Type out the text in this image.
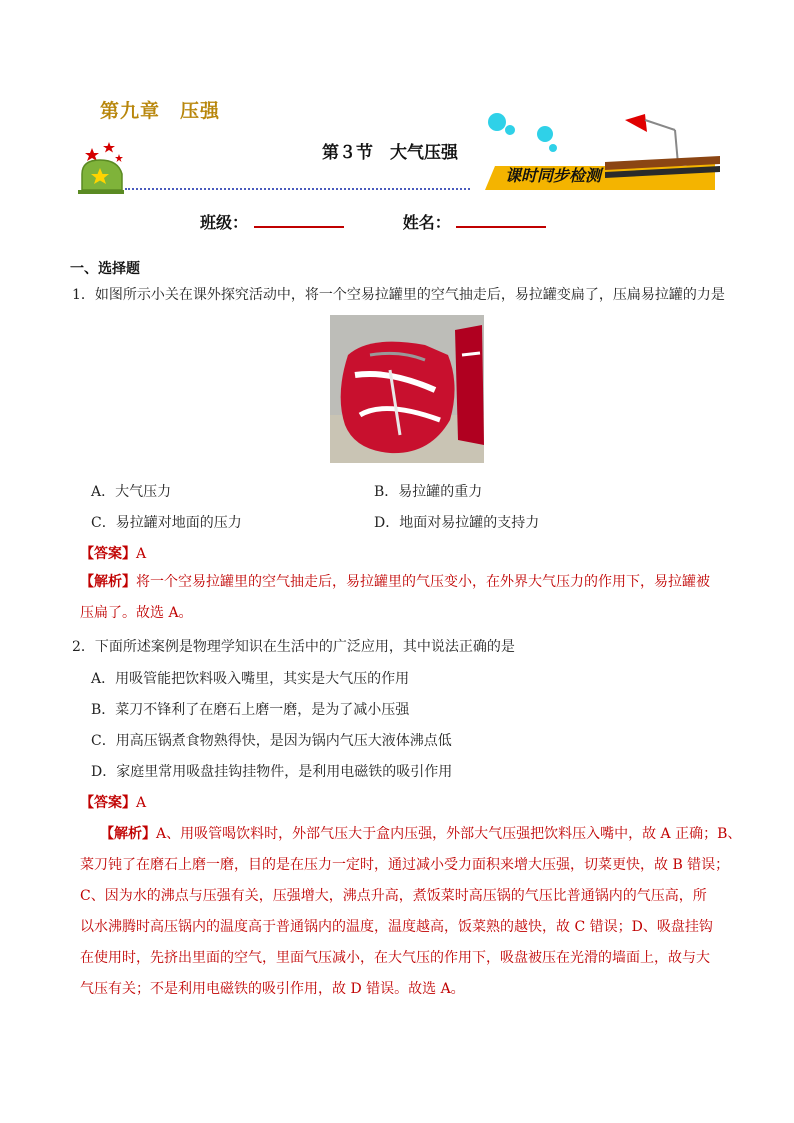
第九章　压强
第３节　大气压强
课时同步检测
班级：	姓名：
一、选择题
1．如图所示小关在课外探究活动中，将一个空易拉罐里的空气抽走后，易拉罐变扁了，压扁易拉罐的力是
A．大气压力	B．易拉罐的重力
C．易拉罐对地面的压力	D．地面对易拉罐的支持力
【答案】A
【解析】将一个空易拉罐里的空气抽走后，易拉罐里的气压变小，在外界大气压力的作用下，易拉罐被
压扁了。故选 A。
2．下面所述案例是物理学知识在生活中的广泛应用，其中说法正确的是
A．用吸管能把饮料吸入嘴里，其实是大气压的作用
B．菜刀不锋利了在磨石上磨一磨，是为了减小压强
C．用高压锅煮食物熟得快，是因为锅内气压大液体沸点低
D．家庭里常用吸盘挂钩挂物件，是利用电磁铁的吸引作用
【答案】A
【解析】A、用吸管喝饮料时，外部气压大于盒内压强，外部大气压强把饮料压入嘴中，故 A 正确；B、
菜刀钝了在磨石上磨一磨，目的是在压力一定时，通过减小受力面积来增大压强，切菜更快，故 B 错误；
C、因为水的沸点与压强有关，压强增大，沸点升高，煮饭菜时高压锅的气压比普通锅内的气压高，所
以水沸腾时高压锅内的温度高于普通锅内的温度，温度越高，饭菜熟的越快，故 C 错误；D、吸盘挂钩
在使用时，先挤出里面的空气，里面气压减小，在大气压的作用下，吸盘被压在光滑的墙面上，故与大
气压有关；不是利用电磁铁的吸引作用，故 D 错误。故选 A。
